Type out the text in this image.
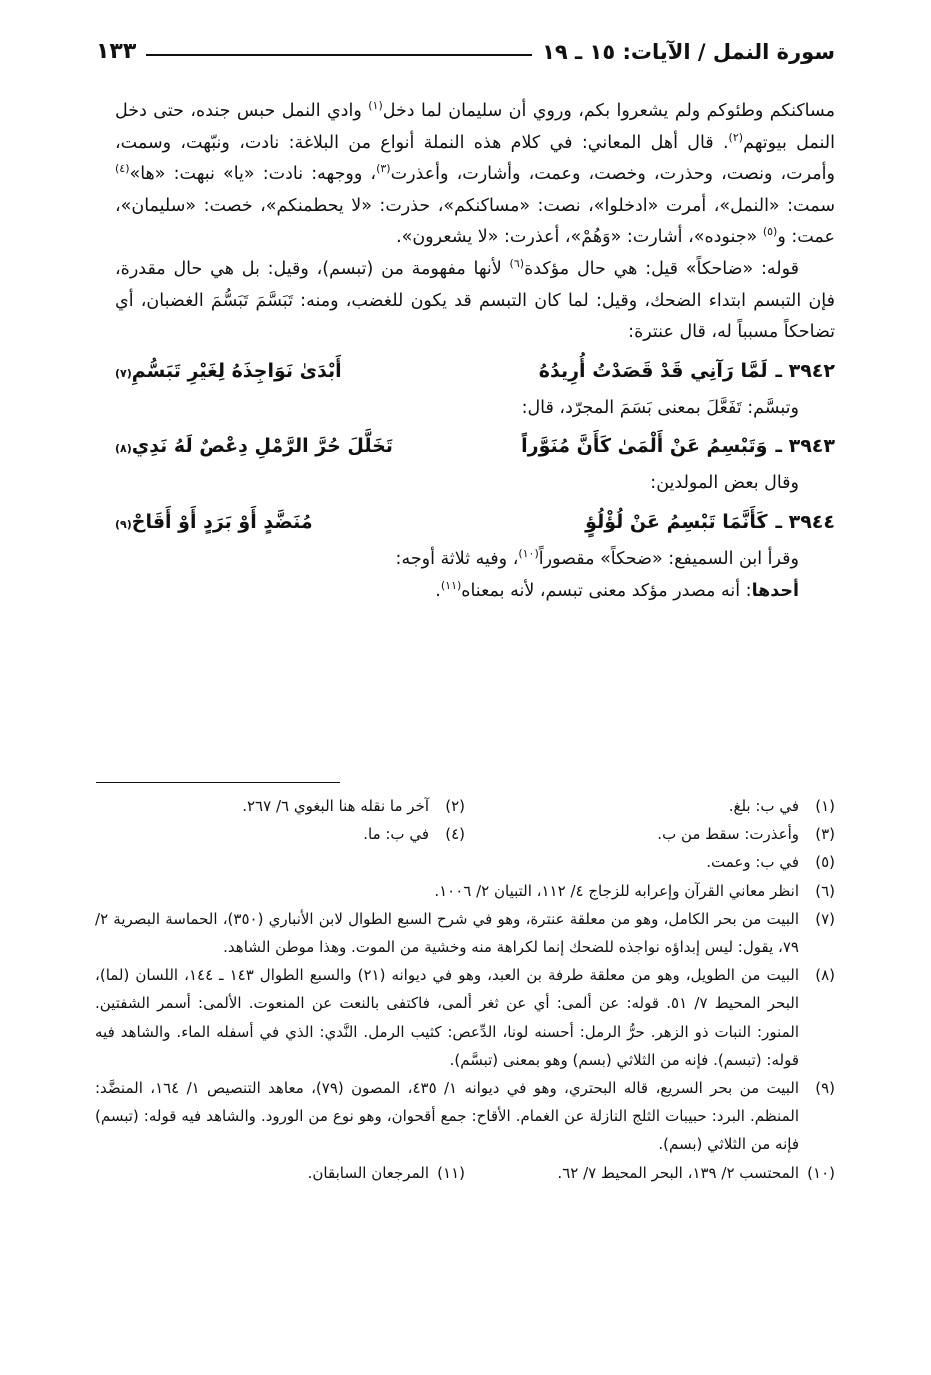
سورة النمل / الآيات: ١٥ ـ ١٩
١٣٣

مساكنكم وطئوكم ولم يشعروا بكم، وروي أن سليمان لما دخل$^{(١)}$ وادي النمل حبس جنده، حتى دخل النمل بيوتهم$^{(٢)}$. قال أهل المعاني: في كلام هذه النملة أنواع من البلاغة: نادت، ونبّهت، وسمت، وأمرت، ونصت، وحذرت، وخصت، وعمت، وأشارت، وأعذرت$^{(٣)}$، ووجهه: نادت: «يا» نبهت: «ها»$^{(٤)}$ سمت: «النمل»، أمرت «ادخلوا»، نصت: «مساكنكم»، حذرت: «لا يحطمنكم»، خصت: «سليمان»، عمت: و$^{(٥)}$ «جنوده»، أشارت: «وَهُمْ»، أعذرت: «لا يشعرون».

قوله: «ضاحكاً» قيل: هي حال مؤكدة$^{(٦)}$ لأنها مفهومة من (تبسم)، وقيل: بل هي حال مقدرة، فإن التبسم ابتداء الضحك، وقيل: لما كان التبسم قد يكون للغضب، ومنه: تَبَسَّمَ تَبَسُّمَ الغضبان، أي تضاحكاً مسبباً له، قال عنترة:

٣٩٤٢ ـلَمَّا رَآنِي قَدْ قَصَدْتُ أُرِيدُهُ
أَبْدَىٰ نَوَاجِذَهُ لِغَيْرِ تَبَسُّمِ
(٧)

وتبسَّم: تَفَعَّلَ بمعنى بَسَمَ المجرّد، قال:

٣٩٤٣ ـوَتَبْسِمُ عَنْ أَلْمَىٰ كَأَنَّ مُنَوَّراً
تَخَلَّلَ حُرَّ الرَّمْلِ دِعْصٌ لَهُ نَدِي
(٨)

وقال بعض المولدين:

٣٩٤٤ ـكَأَنَّمَا تَبْسِمُ عَنْ لُؤْلُؤٍ
مُنَضَّدٍ أَوْ بَرَدٍ أَوْ أَقَاحْ
(٩)

وقرأ ابن السميفع: «ضحكاً» مقصوراً$^{(١٠)}$، وفيه ثلاثة أوجه:

أحدها: أنه مصدر مؤكد معنى تبسم، لأنه بمعناه$^{(١١)}$.

(١)
في ب: بلغ.
(٢)
آخر ما نقله هنا البغوي ٦/ ٢٦٧.
(٣)
وأعذرت: سقط من ب.
(٤)
في ب: ما.
(٥)
في ب: وعمت.
(٦)
انظر معاني القرآن وإعرابه للزجاج ٤/ ١١٢، التبيان ٢/ ١٠٠٦.
(٧)
البيت من بحر الكامل، وهو من معلقة عنترة، وهو في شرح السبع الطوال لابن الأنباري (٣٥٠)، الحماسة البصرية ٢/ ٧٩، يقول: ليس إبداؤه نواجذه للضحك إنما لكراهة منه وخشية من الموت. وهذا موطن الشاهد.
(٨)
البيت من الطويل، وهو من معلقة طرفة بن العبد، وهو في ديوانه (٢١) والسبع الطوال ١٤٣ ـ ١٤٤، اللسان (لما)، البحر المحيط ٧/ ٥١. قوله: عن ألمى: أي عن ثغر ألمى، فاكتفى بالنعت عن المنعوت. الألمى: أسمر الشفتين. المنور: النبات ذو الزهر. حرُّ الرمل: أحسنه لونا، الدِّعص: كثيب الرمل. النَّدي: الذي في أسفله الماء. والشاهد فيه قوله: (تبسم). فإنه من الثلاثي (بسم) وهو بمعنى (تبسَّم).
(٩)
البيت من بحر السريع، قاله البحتري، وهو في ديوانه ١/ ٤٣٥، المصون (٧٩)، معاهد التنصيص ١/ ١٦٤، المنضَّد: المنظم. البرد: حبيبات الثلج النازلة عن الغمام. الأقاح: جمع أقحوان، وهو نوع من الورود. والشاهد فيه قوله: (تبسم) فإنه من الثلاثي (بسم).
(١٠)
المحتسب ٢/ ١٣٩، البحر المحيط ٧/ ٦٢.
(١١)
المرجعان السابقان.
